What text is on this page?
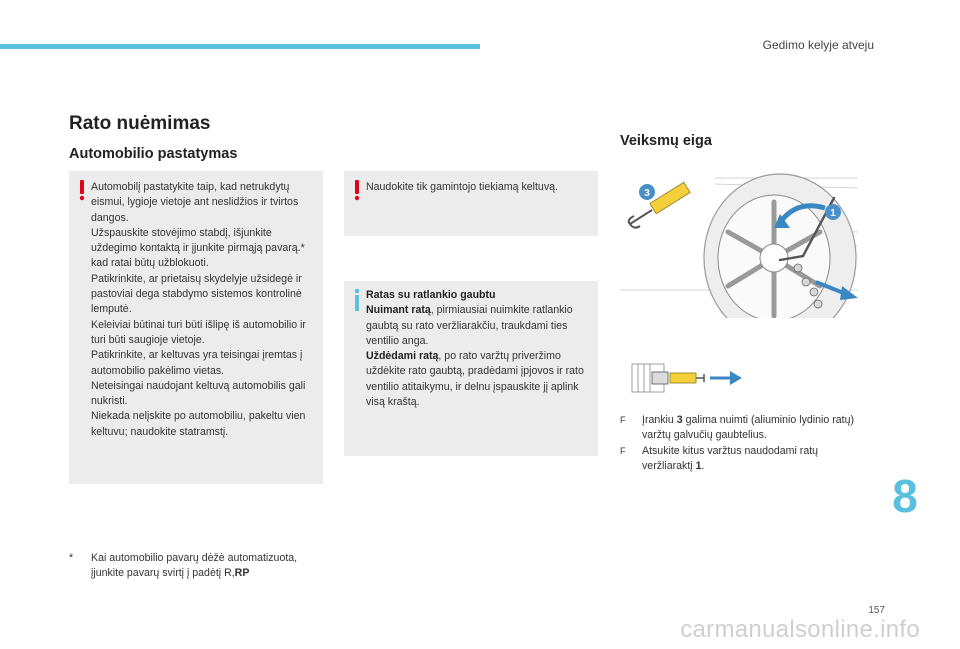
Gedimo kelyje atveju
Rato nuėmimas
Automobilio pastatymas
Veiksmų eiga

Automobilį pastatykite taip, kad netrukdytų eismui, lygioje vietoje ant neslidžios ir tvirtos dangos.
Užspauskite stovėjimo stabdį, išjunkite uždegimo kontaktą ir įjunkite pirmąją pavarą.* kad ratai būtų užblokuoti.
Patikrinkite, ar prietaisų skydelyje užsidegė ir pastoviai dega stabdymo sistemos kontrolinė lemputė.
Keleiviai būtinai turi būti išlipę iš automobilio ir turi būti saugioje vietoje.
Patikrinkite, ar keltuvas yra teisingai įremtas į automobilio pakėlimo vietas.
Neteisingai naudojant keltuvą automobilis gali nukristi.
Niekada nelįskite po automobiliu, pakeltu vien keltuvu; naudokite statramstį.

Naudokite tik gamintojo tiekiamą keltuvą.

Ratas su ratlankio gaubtu

Nuimant ratą, pirmiausiai nuimkite ratlankio gaubtą su rato veržliarakčiu, traukdami ties ventilio anga.

Uždėdami ratą, po rato varžtų priveržimo uždėkite rato gaubtą, pradėdami įpjovos ir rato ventilio atitaikymu, ir delnu įspauskite jį aplink visą kraštą.

* Kai automobilio pavarų dėžė automatizuota, įjunkite pavarų svirtį į padėtį R,RP
3
1
F Įrankiu 3 galima nuimti (aliuminio lydinio ratų) varžtų galvučių gaubtelius.
F Atsukite kitus varžtus naudodami ratų veržliaraktį 1.
8
157
carmanualsonline.info
